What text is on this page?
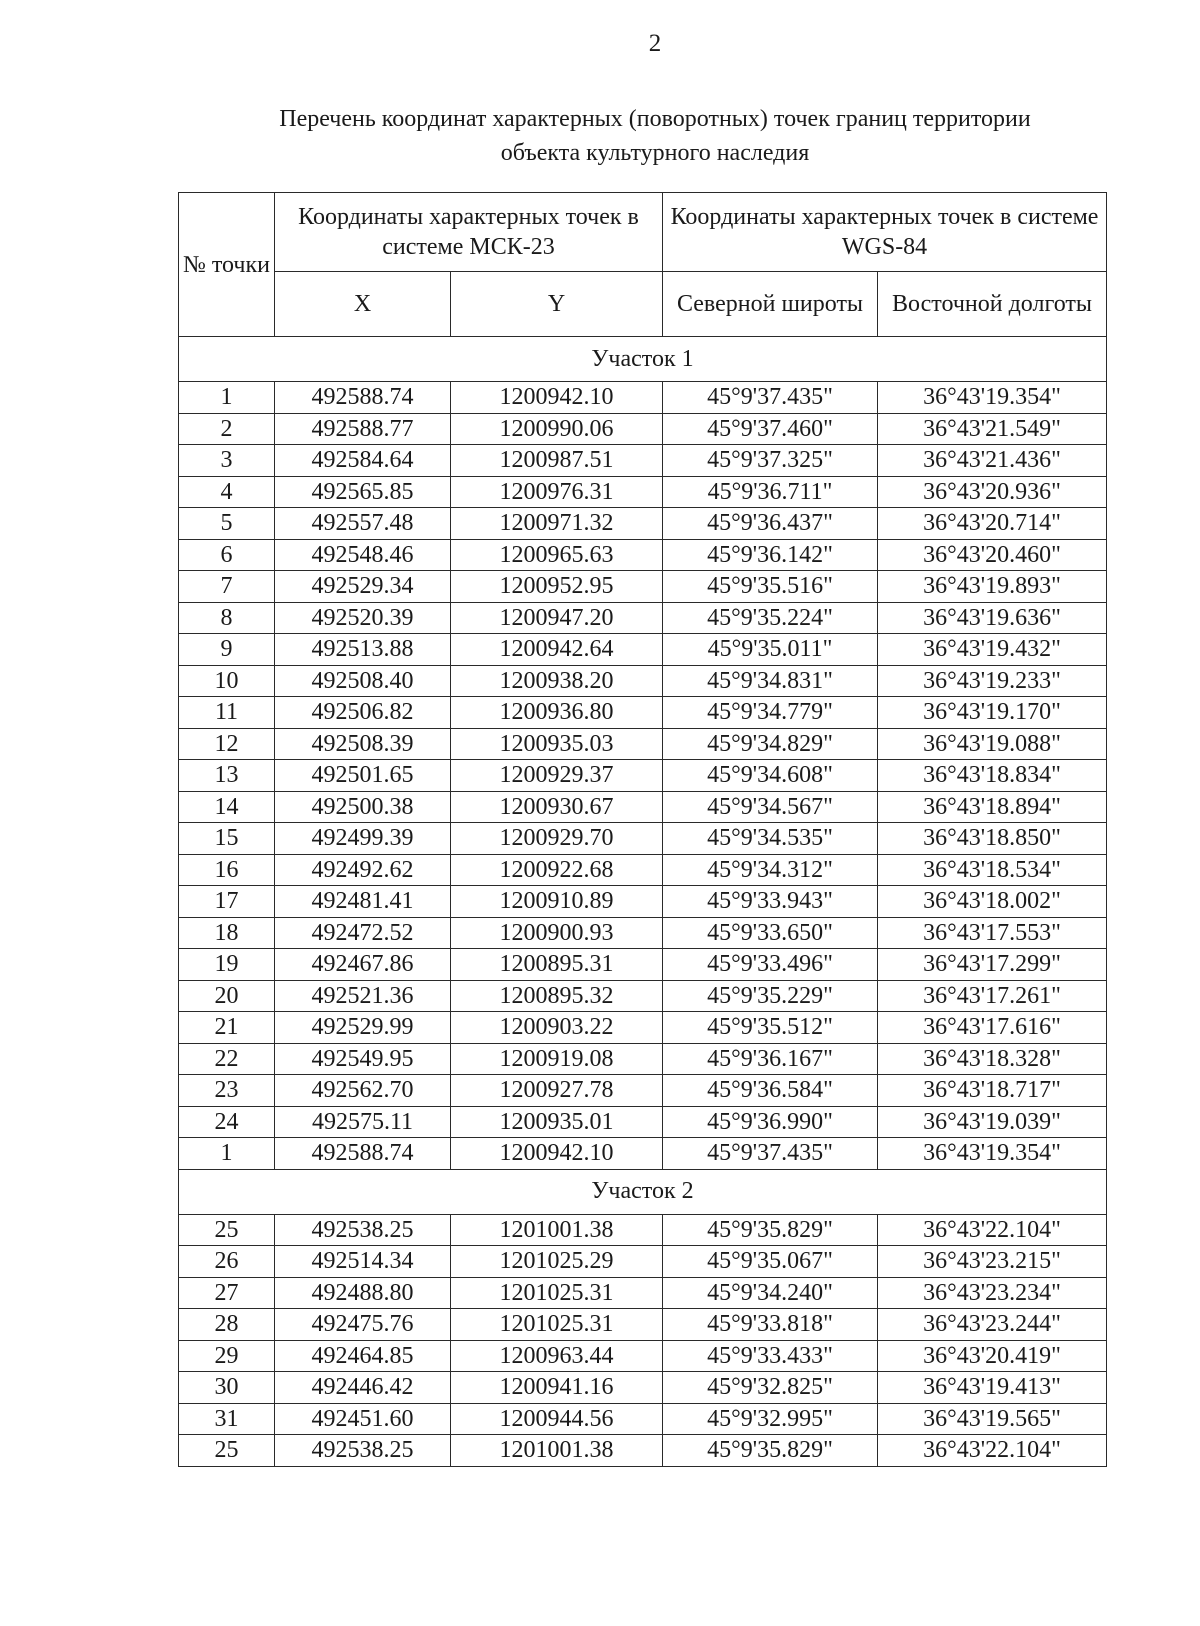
2
Перечень координат характерных (поворотных) точек границ территории
объекта культурного наследия
№ точки	Координаты характерных точек в системе МСК-23		Координаты характерных точек в системе WGS-84	
	X	Y	Северной широты	Восточной долготы
Участок 1				
1	492588.74	1200942.10	45°9'37.435"	36°43'19.354"
2	492588.77	1200990.06	45°9'37.460"	36°43'21.549"
3	492584.64	1200987.51	45°9'37.325"	36°43'21.436"
4	492565.85	1200976.31	45°9'36.711"	36°43'20.936"
5	492557.48	1200971.32	45°9'36.437"	36°43'20.714"
6	492548.46	1200965.63	45°9'36.142"	36°43'20.460"
7	492529.34	1200952.95	45°9'35.516"	36°43'19.893"
8	492520.39	1200947.20	45°9'35.224"	36°43'19.636"
9	492513.88	1200942.64	45°9'35.011"	36°43'19.432"
10	492508.40	1200938.20	45°9'34.831"	36°43'19.233"
11	492506.82	1200936.80	45°9'34.779"	36°43'19.170"
12	492508.39	1200935.03	45°9'34.829"	36°43'19.088"
13	492501.65	1200929.37	45°9'34.608"	36°43'18.834"
14	492500.38	1200930.67	45°9'34.567"	36°43'18.894"
15	492499.39	1200929.70	45°9'34.535"	36°43'18.850"
16	492492.62	1200922.68	45°9'34.312"	36°43'18.534"
17	492481.41	1200910.89	45°9'33.943"	36°43'18.002"
18	492472.52	1200900.93	45°9'33.650"	36°43'17.553"
19	492467.86	1200895.31	45°9'33.496"	36°43'17.299"
20	492521.36	1200895.32	45°9'35.229"	36°43'17.261"
21	492529.99	1200903.22	45°9'35.512"	36°43'17.616"
22	492549.95	1200919.08	45°9'36.167"	36°43'18.328"
23	492562.70	1200927.78	45°9'36.584"	36°43'18.717"
24	492575.11	1200935.01	45°9'36.990"	36°43'19.039"
1	492588.74	1200942.10	45°9'37.435"	36°43'19.354"
Участок 2				
25	492538.25	1201001.38	45°9'35.829"	36°43'22.104"
26	492514.34	1201025.29	45°9'35.067"	36°43'23.215"
27	492488.80	1201025.31	45°9'34.240"	36°43'23.234"
28	492475.76	1201025.31	45°9'33.818"	36°43'23.244"
29	492464.85	1200963.44	45°9'33.433"	36°43'20.419"
30	492446.42	1200941.16	45°9'32.825"	36°43'19.413"
31	492451.60	1200944.56	45°9'32.995"	36°43'19.565"
25	492538.25	1201001.38	45°9'35.829"	36°43'22.104"
